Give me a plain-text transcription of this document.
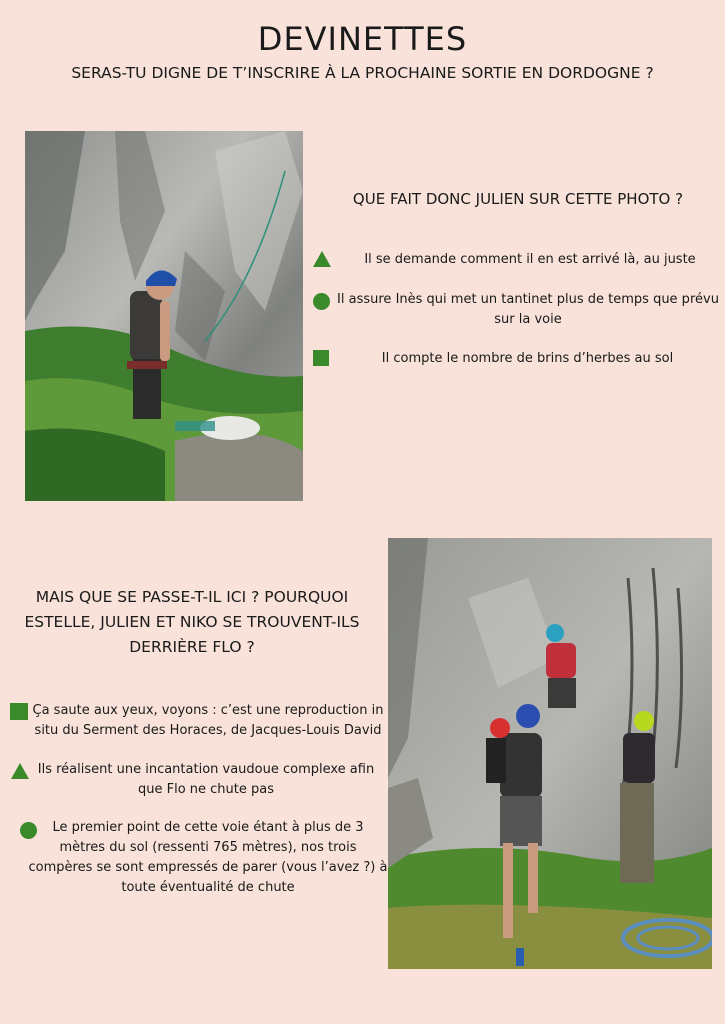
DEVINETTES
SERAS-TU DIGNE DE T’INSCRIRE À LA PROCHAINE SORTIE EN DORDOGNE ?
QUE FAIT DONC JULIEN SUR CETTE PHOTO ?
Il se demande comment il en est arrivé là, au juste
Il assure Inès qui met un tantinet plus de temps que prévu sur la voie
Il compte le nombre de brins d’herbes au sol
MAIS QUE SE PASSE-T-IL ICI ? POURQUOI ESTELLE, JULIEN ET NIKO SE TROUVENT-ILS DERRIÈRE FLO ?
Ça saute aux yeux, voyons : c’est une reproduction in situ du Serment des Horaces, de Jacques-Louis David
Ils réalisent une incantation vaudoue complexe afin que Flo ne chute pas
Le premier point de cette voie étant à plus de 3 mètres du sol (ressenti 765 mètres), nos trois compères se sont empressés de parer (vous l’avez ?) à toute éventualité de chute
